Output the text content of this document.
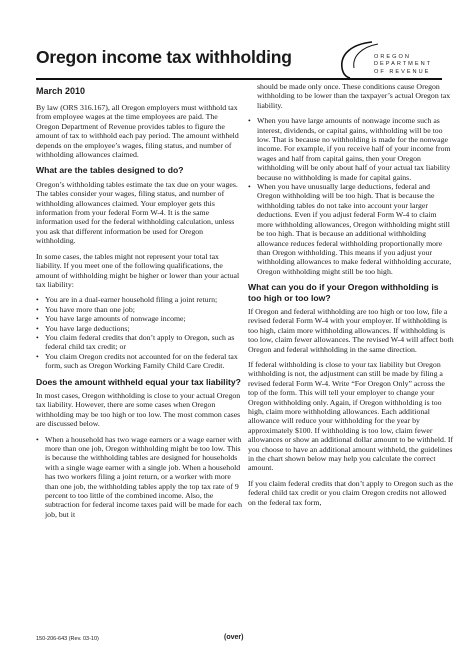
Oregon income tax withholding	OREGON
DEPARTMENT
OF REVENUE
March 2010

By law (ORS 316.167), all Oregon employers must withhold tax from employee wages at the time employees are paid. The Oregon Department of Revenue provides tables to figure the amount of tax to withhold each pay period. The amount withheld depends on the employee’s wages, filing status, and number of withholding allowances claimed.

What are the tables designed to do?

Oregon’s withholding tables estimate the tax due on your wages. The tables consider your wages, filing status, and number of withholding allowances claimed. Your employer gets this information from your federal Form W-4. It is the same information used for the federal withholding calculation, unless you ask that different information be used for Oregon withholding.

In some cases, the tables might not represent your total tax liability. If you meet one of the following qualifications, the amount of withholding might be higher or lower than your actual tax liability:

• You are in a dual-earner household filing a joint return;
• You have more than one job;
• You have large amounts of nonwage income;
• You have large deductions;
• You claim federal credits that don’t apply to Oregon, such as federal child tax credit; or
• You claim Oregon credits not accounted for on the federal tax form, such as Oregon Working Family Child Care Credit.
Does the amount withheld equal your tax liability?

In most cases, Oregon withholding is close to your actual Oregon tax liability. However, there are some cases when Oregon withholding may be too high or too low. The most common cases are discussed below.

• When a household has two wage earners or a wage earner with more than one job, Oregon withholding might be too low. This is because the withholding tables are designed for households with a single wage earner with a single job. When a household has two workers filing a joint return, or a worker with more than one job, the withholding tables apply the top tax rate of 9 percent to too little of the combined income. Also, the subtraction for federal income taxes paid will be made for each job, but it

should be made only once. These conditions cause Oregon withholding to be lower than the taxpayer’s actual Oregon tax liability.

• When you have large amounts of nonwage income such as interest, dividends, or capital gains, withholding will be too low. That is because no withholding is made for the nonwage income. For example, if you receive half of your income from wages and half from capital gains, then your Oregon withholding will be only about half of your actual tax liability because no withholding is made for capital gains.
• When you have unusually large deductions, federal and Oregon withholding will be too high. That is because the withholding tables do not take into account your larger deductions. Even if you adjust federal Form W-4 to claim more withholding allowances, Oregon withholding might still be too high. That is because an additional withholding allowance reduces federal withholding proportionally more than Oregon withholding. This means if you adjust your withholding allowances to make federal withholding accurate, Oregon withholding might still be too high.
What can you do if your Oregon withholding is too high or too low?

If Oregon and federal withholding are too high or too low, file a revised federal Form W-4 with your employer. If withholding is too high, claim more withholding allowances. If withholding is too low, claim fewer allowances. The revised W-4 will affect both Oregon and federal withholding in the same direction.

If federal withholding is close to your tax liability but Oregon withholding is not, the adjustment can still be made by filing a revised federal Form W-4. Write “For Oregon Only” across the top of the form. This will tell your employer to change your Oregon withholding only. Again, if Oregon withholding is too high, claim more withholding allowances. Each additional allowance will reduce your withholding for the year by approximately $100. If withholding is too low, claim fewer allowances or show an additional dollar amount to be withheld. If you choose to have an additional amount withheld, the guidelines in the chart shown below may help you calculate the correct amount.

If you claim federal credits that don’t apply to Oregon such as the federal child tax credit or you claim Oregon credits not allowed on the federal tax form,

150-206-643 (Rev. 03-10)	(over)
